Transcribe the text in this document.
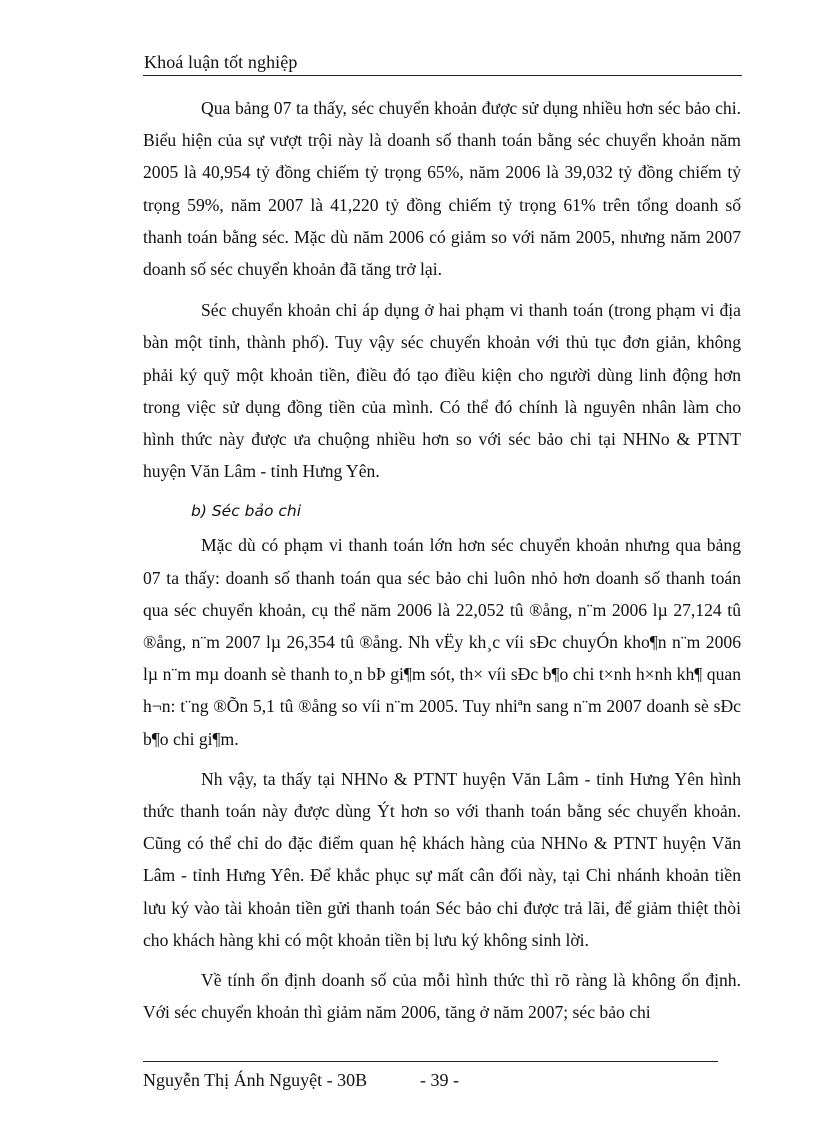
Khoá luận tốt nghiệp

Qua bảng 07 ta thấy, séc chuyển khoản được sử dụng nhiều hơn séc bảo chi. Biểu hiện của sự vượt trội này là doanh số thanh toán bằng séc chuyển khoản năm 2005 là 40,954 tỷ đồng chiếm tỷ trọng 65%, năm 2006 là 39,032 tỷ đồng chiếm tỷ trọng 59%, năm 2007 là 41,220 tỷ đồng chiếm tỷ trọng 61% trên tổng doanh số thanh toán bằng séc. Mặc dù năm 2006 có giảm so với năm 2005, nhưng năm 2007 doanh số séc chuyển khoản đã tăng trở lại.

Séc chuyển khoản chỉ áp dụng ở hai phạm vi thanh toán (trong phạm vi địa bàn một tỉnh, thành phố). Tuy vậy séc chuyển khoản với thủ tục đơn giản, không phải ký quỹ một khoản tiền, điều đó tạo điều kiện cho người dùng linh động hơn trong việc sử dụng đồng tiền của mình. Có thể đó chính là nguyên nhân làm cho hình thức này được ưa chuộng nhiều hơn so với séc bảo chi tại NHNo & PTNT huyện Văn Lâm - tỉnh Hưng Yên.

b) Séc bảo chi

Mặc dù có phạm vi thanh toán lớn hơn séc chuyển khoản nhưng qua bảng 07 ta thấy: doanh số thanh toán qua séc bảo chi luôn nhỏ hơn doanh số thanh toán qua séc chuyển khoản, cụ thể năm 2006 là 22,052 tû ®ång, n¨m 2006 lµ 27,124 tû ®ång, n¨m 2007 lµ 26,354 tû ®ång. Nh vËy kh¸c víi sÐc chuyÓn kho¶n n¨m 2006 lµ n¨m mµ doanh sè thanh to¸n bÞ gi¶m sót, th× víi sÐc b¶o chi t×nh h×nh kh¶ quan h¬n: t¨ng ®Õn 5,1 tû ®ång so víi n¨m 2005. Tuy nhiªn sang n¨m 2007 doanh sè sÐc b¶o chi gi¶m.

Nh vậy, ta thấy tại NHNo & PTNT huyện Văn Lâm - tỉnh Hưng Yên hình thức thanh toán này được dùng Ýt hơn so với thanh toán bằng séc chuyển khoản. Cũng có thể chỉ do đặc điểm quan hệ khách hàng của NHNo & PTNT huyện Văn Lâm - tỉnh Hưng Yên. Để khắc phục sự mất cân đối này, tại Chi nhánh khoản tiền lưu ký vào tài khoản tiền gửi thanh toán Séc bảo chi được trả lãi, để giảm thiệt thòi cho khách hàng khi có một khoản tiền bị lưu ký không sinh lời.

Về tính ổn định doanh số của mỗi hình thức thì rõ ràng là không ổn định. Với séc chuyển khoản thì giảm năm 2006, tăng ở năm 2007; séc bảo chi

Nguyễn Thị Ánh Nguyệt - 30B	- 39 -
